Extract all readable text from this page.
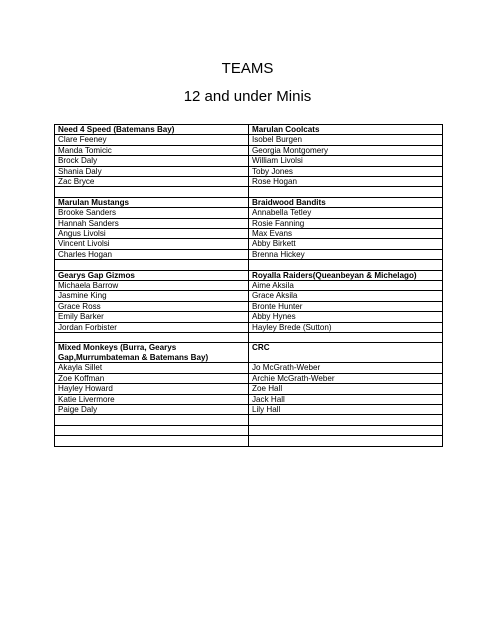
TEAMS
12 and under Minis
Need 4 Speed (Batemans Bay)	Marulan Coolcats
Clare Feeney	Isobel Burgen
Manda Tomicic	Georgia Montgomery
Brock Daly	William Livolsi
Shania Daly	Toby Jones
Zac Bryce	Rose Hogan

Marulan Mustangs	Braidwood Bandits
Brooke Sanders	Annabella Tetley
Hannah Sanders	Rosie Fanning
Angus Livolsi	Max Evans
Vincent Livolsi	Abby Birkett
Charles Hogan	Brenna Hickey

Gearys Gap Gizmos	Royalla Raiders(Queanbeyan & Michelago)
Michaela Barrow	Aime Aksila
Jasmine King	Grace Aksila
Grace Ross	Bronte Hunter
Emily Barker	Abby Hynes
Jordan Forbister	Hayley Brede (Sutton)

Mixed Monkeys (Burra, Gearys Gap,Murrumbateman & Batemans Bay)	CRC
Akayla Sillet	Jo McGrath-Weber
Zoe Koffman	Archie McGrath-Weber
Hayley Howard	Zoe Hall
Katie Livermore	Jack Hall
Paige Daly	Lily Hall
